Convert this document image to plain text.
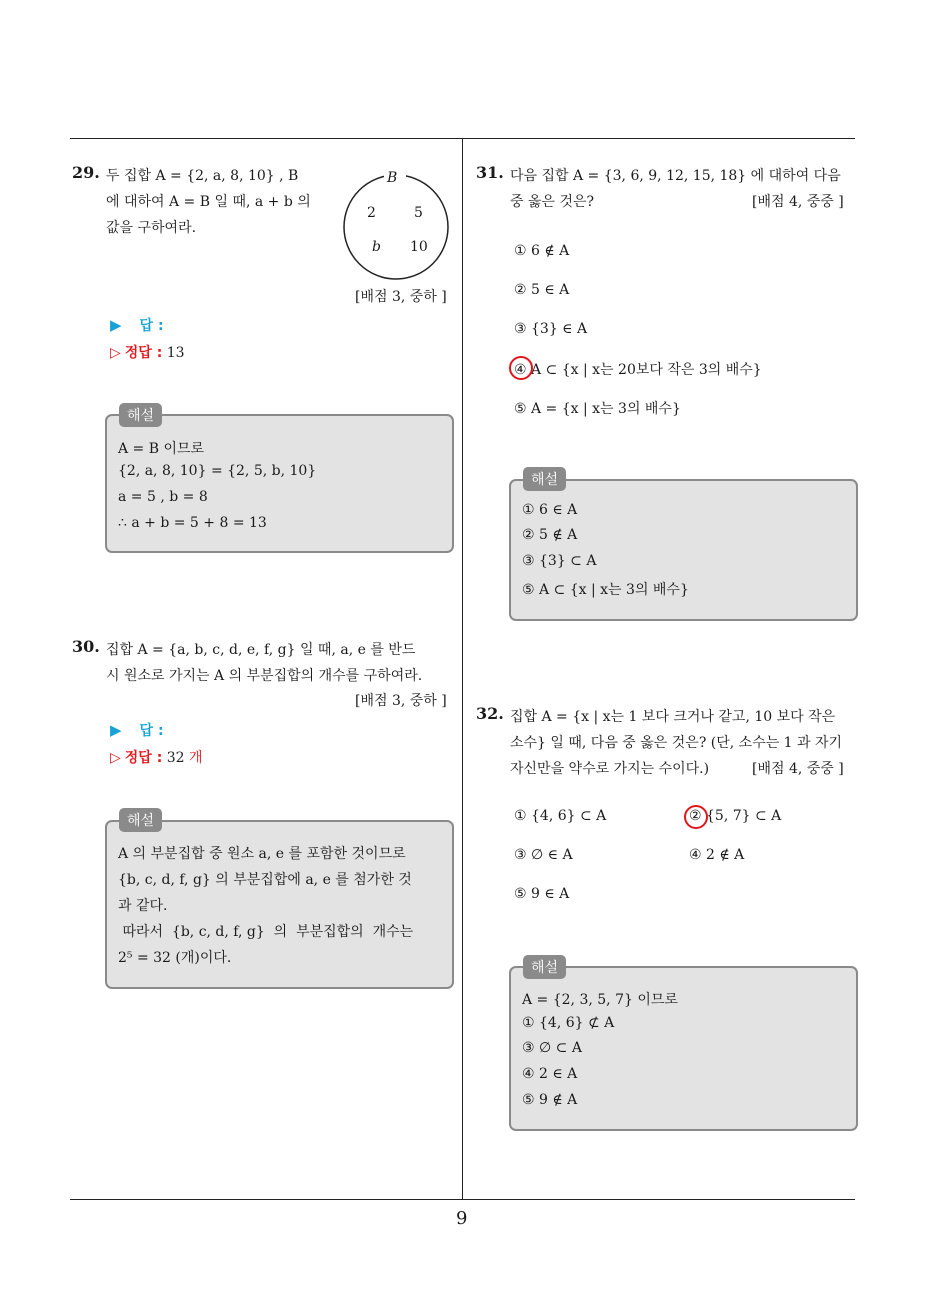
29. 두 집합 A = {2, a, 8, 10} , B
에 대하여 A = B 일 때, a + b 의
값을 구하여라.
B
2	5
b 10
[배점 3, 중하 ]
▶ 답 :
▷ 정답 : 13
해설
A = B 이므로
{2, a, 8, 10} = {2, 5, b, 10}
a = 5 , b = 8
∴ a + b = 5 + 8 = 13
30. 집합 A = {a, b, c, d, e, f, g} 일 때, a, e 를 반드
시 원소로 가지는 A 의 부분집합의 개수를 구하여라.
[배점 3, 중하 ]
▶ 답 :
▷ 정답 : 32 개
해설
A 의 부분집합 중 원소 a, e 를 포함한 것이므로
{b, c, d, f, g} 의 부분집합에 a, e 를 첨가한 것
과 같다.
따라서  {b, c, d, f, g}  의  부분집합의  개수는
2⁵ = 32 (개)이다.
31. 다음 집합 A = {3, 6, 9, 12, 15, 18} 에 대하여 다음
중 옳은 것은?	[배점 4, 중중 ]
① 6 ∉ A
② 5 ∈ A
③ {3} ∈ A
④ A ⊂ {x | x는 20보다 작은 3의 배수}
⑤ A = {x | x는 3의 배수}
해설
① 6 ∈ A
② 5 ∉ A
③ {3} ⊂ A
⑤ A ⊂ {x | x는 3의 배수}
32. 집합 A = {x | x는 1 보다 크거나 같고, 10 보다 작은
소수} 일 때, 다음 중 옳은 것은? (단, 소수는 1 과 자기
자신만을 약수로 가지는 수이다.)	[배점 4, 중중 ]
① {4, 6} ⊂ A	② {5, 7} ⊂ A
③ ∅ ∈ A	④ 2 ∉ A
⑤ 9 ∈ A
해설
A = {2, 3, 5, 7} 이므로
① {4, 6} ⊄ A
③ ∅ ⊂ A
④ 2 ∈ A
⑤ 9 ∉ A
9
